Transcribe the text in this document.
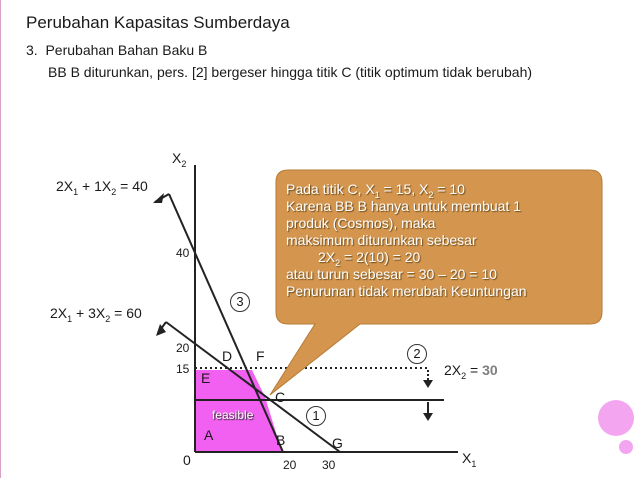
Perubahan Kapasitas Sumberdaya
3. Perubahan Bahan Baku B
BB B diturunkan, pers. [2] bergeser hingga titik C (titik optimum tidak berubah)
$X_2$
$X_1$
0
40
20
15
20 30
$2X_1 + 1X_2 = 40$
$2X_1 + 3X_2 = 60$
$2X_2 = 30$
D F
E
C
A	B	G
feasible	1
2
3
Pada titik C, $X_1 = 15$, $X_2 = 10$
Karena BB B hanya untuk membuat 1
produk (Cosmos), maka
maksimum diturunkan sebesar
$2X_2 = 2(10) = 20$
atau turun sebesar = 30 – 20 = 10
Penurunan tidak merubah Keuntungan
